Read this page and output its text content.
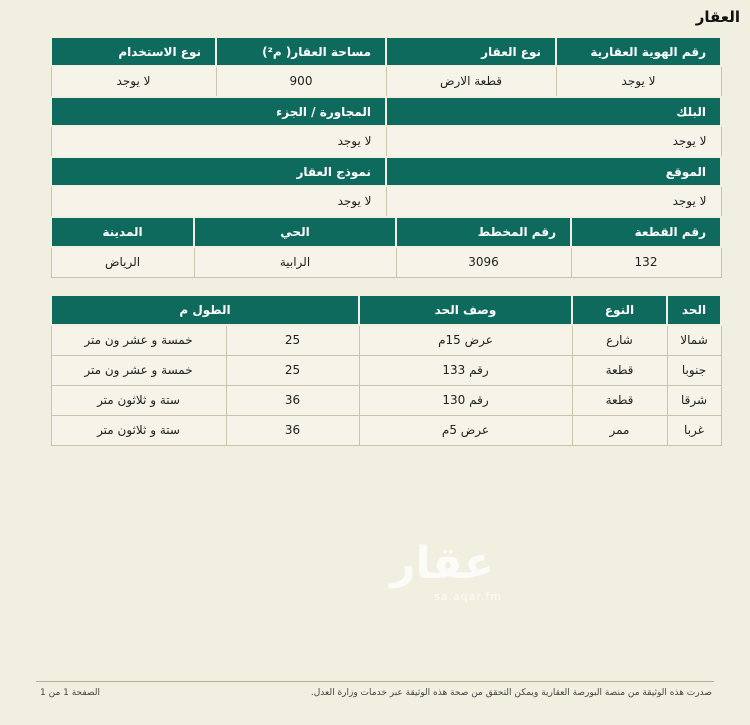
العقار
رقم الهوية العقارية	نوع العقار	مساحة العقار( م²)	نوع الاستخدام
لا يوجد	قطعة الارض	900	لا يوجد
البلك	المجاورة / الجزء
لا يوجد	لا يوجد
الموقع	نموذج العقار
لا يوجد	لا يوجد
رقم القطعة	رقم المخطط	الحي	المدينة
132	3096	الرابية	الرياض
الحد	النوع	وصف الحد	الطول م	
شمالا	شارع	عرض 15م	25	خمسة و عشر ون متر
جنوبا	قطعة	رقم 133	25	خمسة و عشر ون متر
شرقا	قطعة	رقم 130	36	ستة و ثلاثون متر
غربا	ممر	عرض 5م	36	ستة و ثلاثون متر
عقار
sa.aqar.fm
صدرت هذه الوثيقة من منصة البورصة العقارية ويمكن التحقق من صحة هذه الوثيقة عبر خدمات وزارة العدل.
الصفحة 1 من 1
